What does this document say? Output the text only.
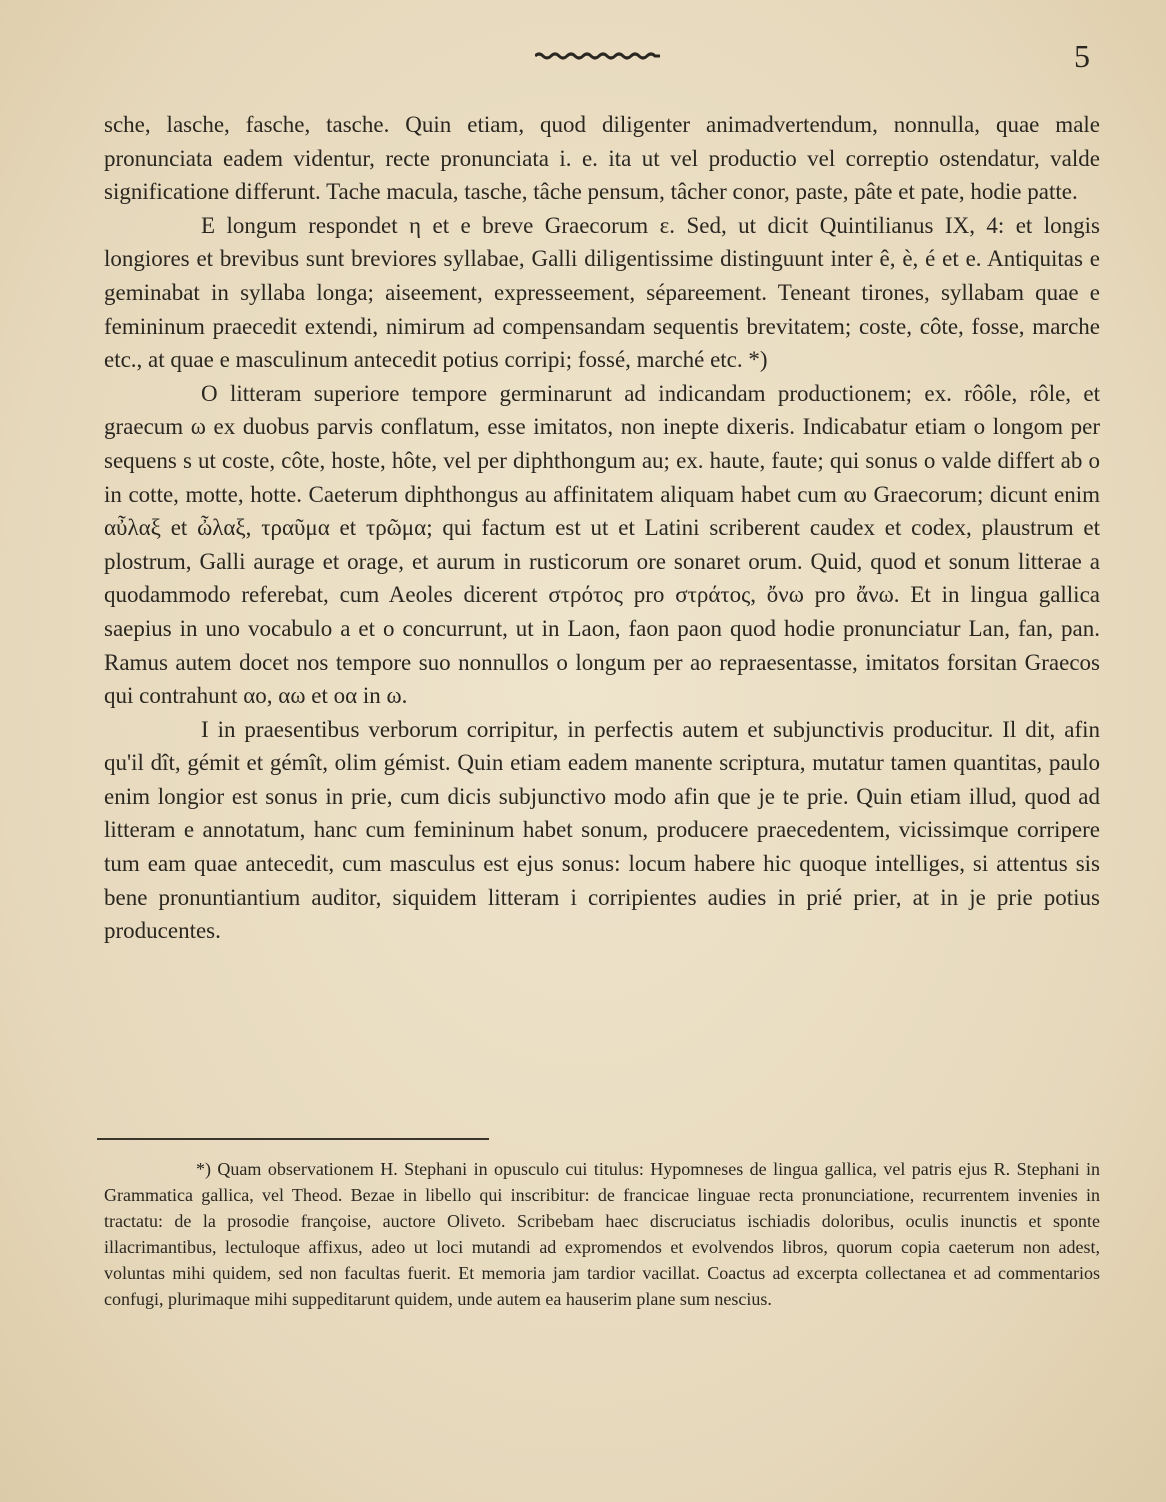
5

sche, lasche, fasche, tasche. Quin etiam, quod diligenter animadvertendum, nonnulla, quae male pronunciata eadem videntur, recte pronunciata i. e. ita ut vel productio vel correptio ostendatur, valde significatione differunt. Tache macula, tasche, tâche pensum, tâcher conor, paste, pâte et pate, hodie patte.

E longum respondet η et e breve Graecorum ε. Sed, ut dicit Quintilianus IX, 4: et longis longiores et brevibus sunt breviores syllabae, Galli diligentissime distinguunt inter ê, è, é et e. Antiquitas e geminabat in syllaba longa; aiseement, expresseement, sépareement. Teneant tirones, syllabam quae e femininum praecedit extendi, nimirum ad compensandam sequentis brevitatem; coste, côte, fosse, marche etc., at quae e masculinum antecedit potius corripi; fossé, marché etc. *)

O litteram superiore tempore germinarunt ad indicandam productionem; ex. rôôle, rôle, et graecum ω ex duobus parvis conflatum, esse imitatos, non inepte dixeris. Indicabatur etiam o longom per sequens s ut coste, côte, hoste, hôte, vel per diphthongum au; ex. haute, faute; qui sonus o valde differt ab o in cotte, motte, hotte. Caeterum diphthongus au affinitatem aliquam habet cum αυ Graecorum; dicunt enim αὖλαξ et ὦλαξ, τραῦμα et τρῶμα; qui factum est ut et Latini scriberent caudex et codex, plaustrum et plostrum, Galli aurage et orage, et aurum in rusticorum ore sonaret orum. Quid, quod et sonum litterae a quodammodo referebat, cum Aeoles dicerent στρότος pro στράτος, ὄνω pro ἄνω. Et in lingua gallica saepius in uno vocabulo a et o concurrunt, ut in Laon, faon paon quod hodie pronunciatur Lan, fan, pan. Ramus autem docet nos tempore suo nonnullos o longum per ao repraesentasse, imitatos forsitan Graecos qui contrahunt αο, αω et οα in ω.

I in praesentibus verborum corripitur, in perfectis autem et subjunctivis producitur. Il dit, afin qu'il dît, gémit et gémît, olim gémist. Quin etiam eadem manente scriptura, mutatur tamen quantitas, paulo enim longior est sonus in prie, cum dicis subjunctivo modo afin que je te prie. Quin etiam illud, quod ad litteram e annotatum, hanc cum femininum habet sonum, producere praecedentem, vicissimque corripere tum eam quae antecedit, cum masculus est ejus sonus: locum habere hic quoque intelliges, si attentus sis bene pronuntiantium auditor, siquidem litteram i corripientes audies in prié prier, at in je prie potius producentes.

*) Quam observationem H. Stephani in opusculo cui titulus: Hypomneses de lingua gallica, vel patris ejus R. Stephani in Grammatica gallica, vel Theod. Bezae in libello qui inscribitur: de francicae linguae recta pronunciatione, recurrentem invenies in tractatu: de la prosodie françoise, auctore Oliveto. Scribebam haec discruciatus ischiadis doloribus, oculis inunctis et sponte illacrimantibus, lectuloque affixus, adeo ut loci mutandi ad expromendos et evolvendos libros, quorum copia caeterum non adest, voluntas mihi quidem, sed non facultas fuerit. Et memoria jam tardior vacillat. Coactus ad excerpta collectanea et ad commentarios confugi, plurimaque mihi suppeditarunt quidem, unde autem ea hauserim plane sum nescius.
